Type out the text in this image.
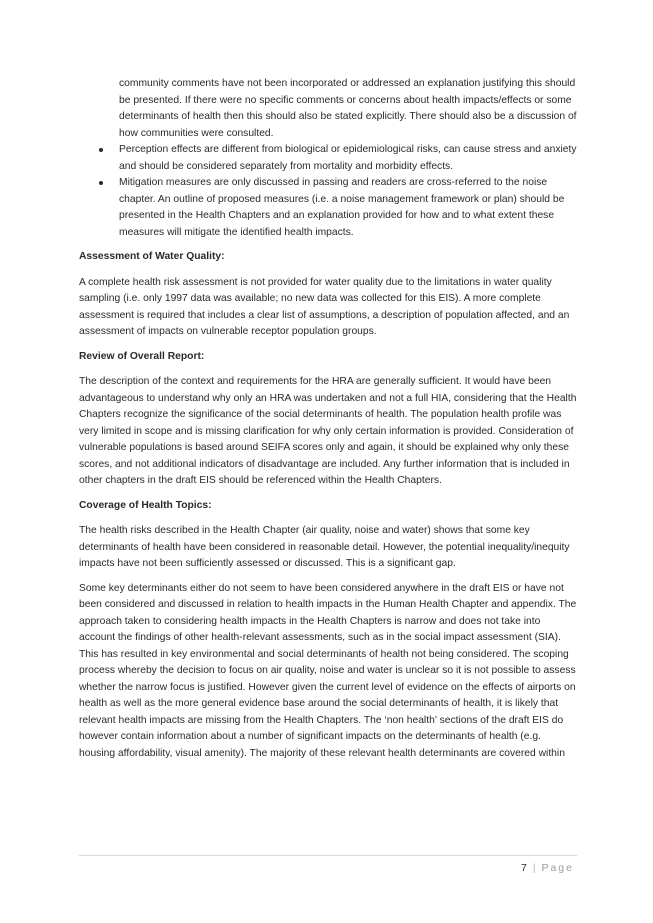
community comments have not been incorporated or addressed an explanation justifying this should be presented. If there were no specific comments or concerns about health impacts/effects or some determinants of health then this should also be stated explicitly. There should also be a discussion of how communities were consulted.
Perception effects are different from biological or epidemiological risks, can cause stress and anxiety and should be considered separately from mortality and morbidity effects.
Mitigation measures are only discussed in passing and readers are cross-referred to the noise chapter. An outline of proposed measures (i.e. a noise management framework or plan) should be presented in the Health Chapters and an explanation provided for how and to what extent these measures will mitigate the identified health impacts.
Assessment of Water Quality:

A complete health risk assessment is not provided for water quality due to the limitations in water quality sampling (i.e. only 1997 data was available; no new data was collected for this EIS). A more complete assessment is required that includes a clear list of assumptions, a description of population affected, and an assessment of impacts on vulnerable receptor population groups.

Review of Overall Report:

The description of the context and requirements for the HRA are generally sufficient. It would have been advantageous to understand why only an HRA was undertaken and not a full HIA, considering that the Health Chapters recognize the significance of the social determinants of health. The population health profile was very limited in scope and is missing clarification for why only certain information is provided. Consideration of vulnerable populations is based around SEIFA scores only and again, it should be explained why only these scores, and not additional indicators of disadvantage are included. Any further information that is included in other chapters in the draft EIS should be referenced within the Health Chapters.

Coverage of Health Topics:

The health risks described in the Health Chapter (air quality, noise and water) shows that some key determinants of health have been considered in reasonable detail. However, the potential inequality/inequity impacts have not been sufficiently assessed or discussed. This is a significant gap.

Some key determinants either do not seem to have been considered anywhere in the draft EIS or have not been considered and discussed in relation to health impacts in the Human Health Chapter and appendix. The approach taken to considering health impacts in the Health Chapters is narrow and does not take into account the findings of other health-relevant assessments, such as in the social impact assessment (SIA). This has resulted in key environmental and social determinants of health not being considered. The scoping process whereby the decision to focus on air quality, noise and water is unclear so it is not possible to assess whether the narrow focus is justified. However given the current level of evidence on the effects of airports on health as well as the more general evidence base around the social determinants of health, it is likely that relevant health impacts are missing from the Health Chapters. The ‘non health’ sections of the draft EIS do however contain information about a number of significant impacts on the determinants of health (e.g. housing affordability, visual amenity). The majority of these relevant health determinants are covered within

7 | Page
